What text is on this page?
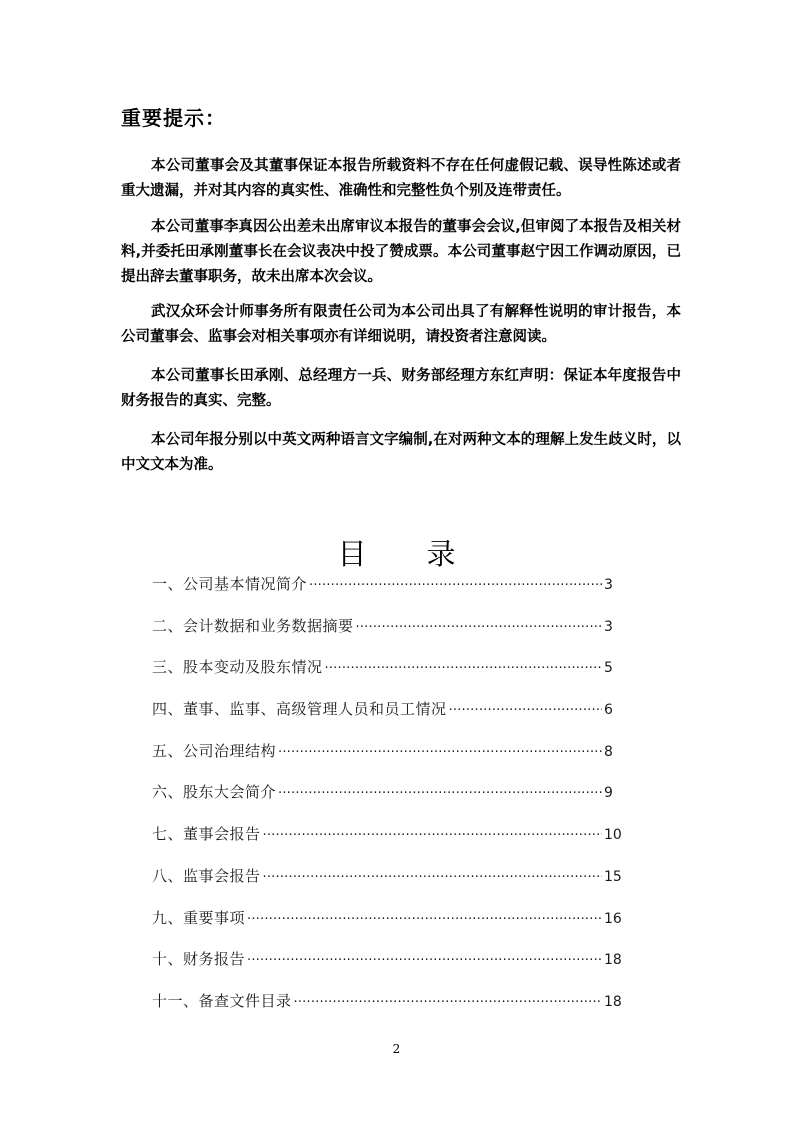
重要提示：

本公司董事会及其董事保证本报告所载资料不存在任何虚假记载、误导性陈述或者重大遗漏，并对其内容的真实性、准确性和完整性负个别及连带责任。

本公司董事李真因公出差未出席审议本报告的董事会会议,但审阅了本报告及相关材料,并委托田承刚董事长在会议表决中投了赞成票。本公司董事赵宁因工作调动原因，已提出辞去董事职务，故未出席本次会议。

武汉众环会计师事务所有限责任公司为本公司出具了有解释性说明的审计报告，本公司董事会、监事会对相关事项亦有详细说明，请投资者注意阅读。

本公司董事长田承刚、总经理方一兵、财务部经理方东红声明：保证本年度报告中财务报告的真实、完整。

本公司年报分别以中英文两种语言文字编制,在对两种文本的理解上发生歧义时，以中文文本为准。

目 录
一、公司基本情况简介 ·····	3
二、会计数据和业务数据摘要 ·····	3
三、股本变动及股东情况 ·····	5
四、董事、监事、高级管理人员和员工情况 ·····	6
五、公司治理结构 ·····	8
六、股东大会简介 ·····	9
七、董事会报告 ·····	10
八、监事会报告 ·····	15
九、重要事项 ·····	16
十、财务报告 ·····	18
十一、备查文件目录 ·····	18
2
